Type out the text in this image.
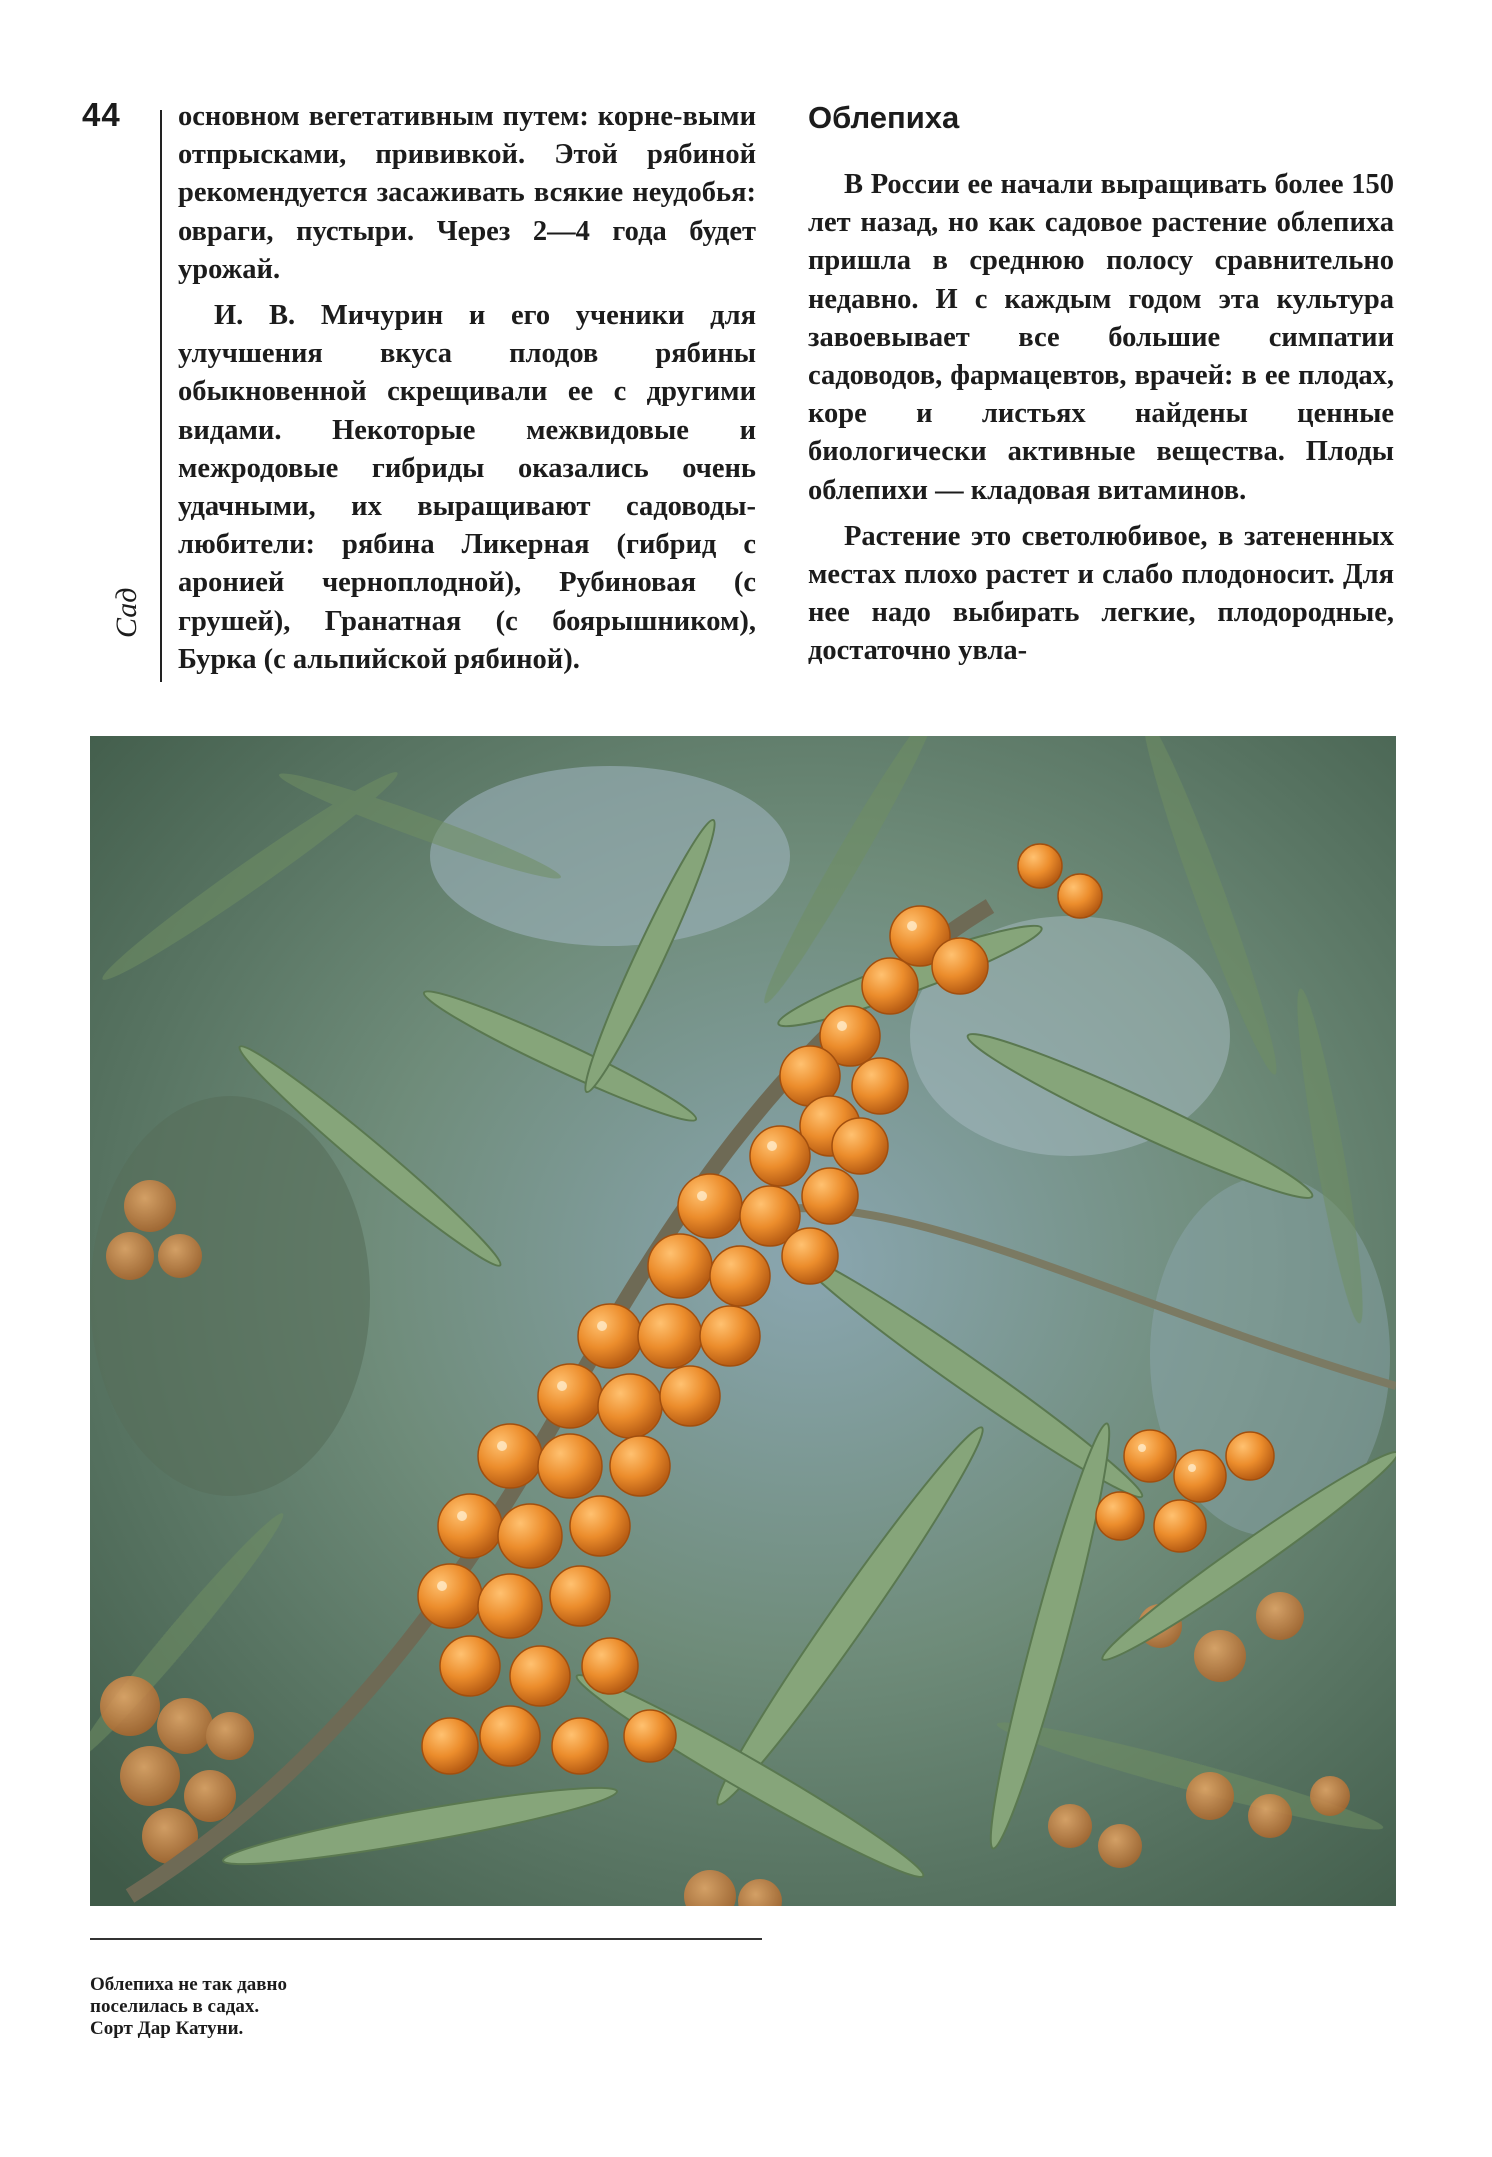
44
Сад

основном вегетативным путем: корне-выми отпрысками, прививкой. Этой рябиной рекомендуется засаживать всякие неудобья: овраги, пустыри. Через 2—4 года будет урожай.

И. В. Мичурин и его ученики для улучшения вкуса плодов рябины обыкновенной скрещивали ее с другими видами. Некоторые межвидовые и межродовые гибриды оказались очень удачными, их выращивают садоводы-любители: рябина Ликерная (гибрид с аронией черноплодной), Рубиновая (с грушей), Гранатная (с боярышником), Бурка (с альпийской рябиной).

Облепиха

В России ее начали выращивать более 150 лет назад, но как садовое растение облепиха пришла в среднюю полосу сравнительно недавно. И с каждым годом эта культура завоевывает все большие симпатии садоводов, фармацевтов, врачей: в ее плодах, коре и листьях найдены ценные биологически активные вещества. Плоды облепихи — кладовая витаминов.

Растение это светолюбивое, в затененных местах плохо растет и слабо плодоносит. Для нее надо выбирать легкие, плодородные, достаточно увла-

Облепиха не так давно
поселилась в садах.
Сорт Дар Катуни.
